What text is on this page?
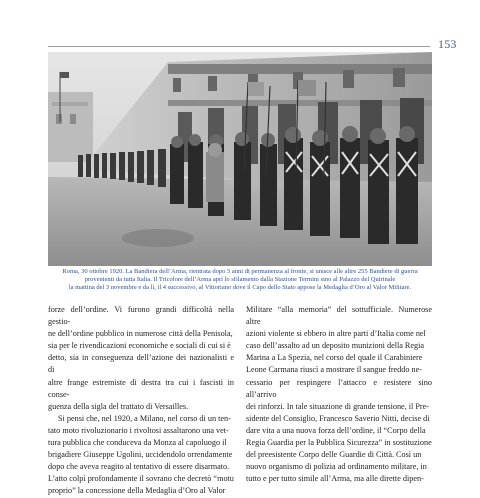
153

Roma, 30 ottobre 1920. La Bandiera dell’Arma, rientrata dopo 5 anni di permanenza al fronte, si unisce alle altre 255 Bandiere di guerra

provenienti da tutta Italia. Il Tricolore dell’Arma aprì lo sfilamento dalla Stazione Termini sino al Palazzo del Quirinale

la mattina del 3 novembre e da lì, il 4 successivo, al Vittoriano dove il Capo dello Stato appose la Medaglia d’Oro al Valor Militare.

forze dell’ordine. Vi furono grandi difficoltà nella gestio-

ne dell’ordine pubblico in numerose città della Penisola,

sia per le rivendicazioni economiche e sociali di cui si è

detto, sia in conseguenza dell’azione dei nazionalisti e di

altre frange estremiste di destra tra cui i fascisti in conse-

guenza della sigla del trattato di Versailles.

Si pensi che, nel 1920, a Milano, nel corso di un ten-

tato moto rivoluzionario i rivoltosi assaltarono una vet-

tura pubblica che conduceva da Monza al capoluogo il

brigadiere Giuseppe Ugolini, uccidendolo orrendamente

dopo che aveva reagito al tentativo di essere disarmato.

L’atto colpì profondamente il sovrano che decretò “motu

proprio” la concessione della Medaglia d’Oro al Valor

Militare “alla memoria” del sottufficiale. Numerose altre

azioni violente si ebbero in altre parti d’Italia come nel

caso dell’assalto ad un deposito munizioni della Regia

Marina a La Spezia, nel corso del quale il Carabiniere

Leone Carmana riuscì a mostrare il sangue freddo ne-

cessario per respingere l’attacco e resistere sino all’arrivo

dei rinforzi. In tale situazione di grande tensione, il Pre-

sidente del Consiglio, Francesco Saverio Nitti, decise di

dare vita a una nuova forza dell’ordine, il “Corpo della

Regia Guardia per la Pubblica Sicurezza” in sostituzione

del preesistente Corpo delle Guardie di Città. Così un

nuovo organismo di polizia ad ordinamento militare, in

tutto e per tutto simile all’Arma, ma alle dirette dipen-
